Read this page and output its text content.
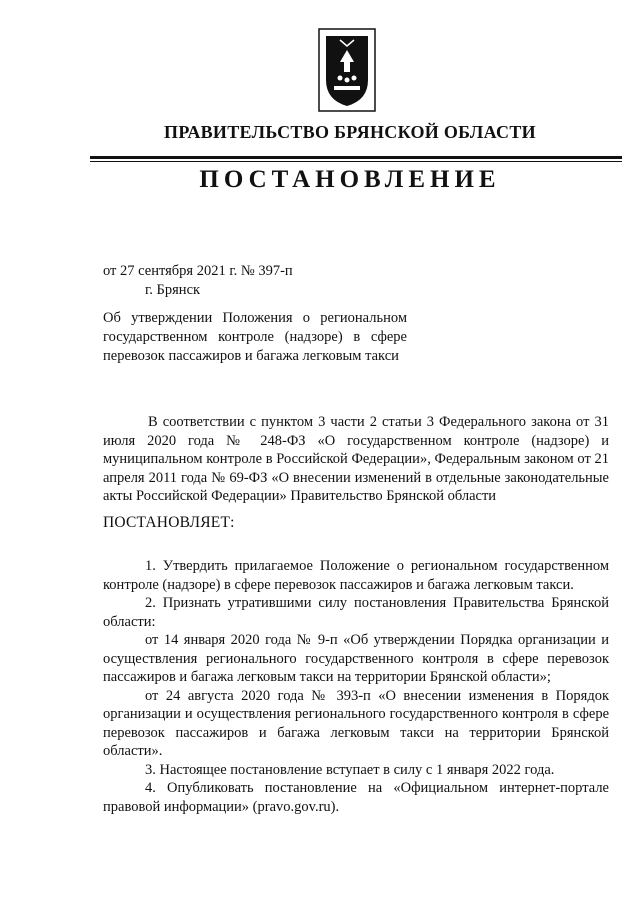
ПРАВИТЕЛЬСТВО БРЯНСКОЙ ОБЛАСТИ
ПОСТАНОВЛЕНИЕ
от 27 сентября 2021 г. № 397-п
г. Брянск
Об утверждении Положения о региональном государственном контроле (надзоре) в сфере перевозок пассажиров и багажа легковым такси
В соответствии с пунктом 3 части 2 статьи 3 Федерального закона от 31 июля 2020 года № 248-ФЗ «О государственном контроле (надзоре) и муниципальном контроле в Российской Федерации», Федеральным законом от 21 апреля 2011 года № 69-ФЗ «О внесении изменений в отдельные законодательные акты Российской Федерации» Правительство Брянской области
ПОСТАНОВЛЯЕТ:

1. Утвердить прилагаемое Положение о региональном государственном контроле (надзоре) в сфере перевозок пассажиров и багажа легковым такси.

2. Признать утратившими силу постановления Правительства Брянской области:

от 14 января 2020 года № 9-п «Об утверждении Порядка организации и осуществления регионального государственного контроля в сфере перевозок пассажиров и багажа легковым такси на территории Брянской области»;

от 24 августа 2020 года № 393-п «О внесении изменения в Порядок организации и осуществления регионального государственного контроля в сфере перевозок пассажиров и багажа легковым такси на территории Брянской области».

3. Настоящее постановление вступает в силу с 1 января 2022 года.

4. Опубликовать постановление на «Официальном интернет-портале правовой информации» (pravo.gov.ru).
